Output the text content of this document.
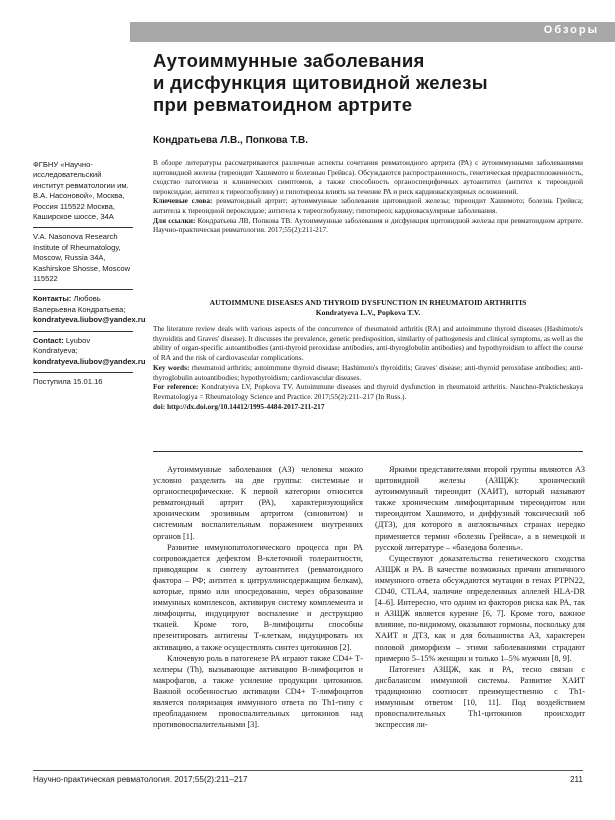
Обзоры
Аутоиммунные заболевания
и дисфункция щитовидной железы
при ревматоидном артрите

Кондратьева Л.В., Попкова Т.В.

ФГБНУ «Научно-исследовательский институт ревматологии им. В.А. Насоновой», Москва, Россия 115522 Москва, Каширское шоссе, 34А

V.A. Nasonova Research Institute of Rheumatology, Moscow, Russia 34A, Kashirskoe Shosse, Moscow 115522

Контакты: Любовь Валерьевна Кондратьева; kondratyeva.liubov@yandex.ru

Contact: Lyubov Kondratyeva; kondratyeva.liubov@yandex.ru

Поступила 15.01.16

В обзоре литературы рассматриваются различные аспекты сочетания ревматоидного артрита (РА) с аутоиммунными заболеваниями щитовидной железы (тиреоидит Хашимото и болезнью Грейвса). Обсуждаются распространенность, генетическая предрасположенность, сходство патогенеза и клинических симптомов, а также способность органоспецифичных аутоантител (антител к тиреоидной пероксидазе, антител к тиреоглобулину) и гипотиреоза влиять на течение РА и риск кардиоваскулярных осложнений.

Ключевые слова: ревматоидный артрит; аутоиммунные заболевания щитовидной железы; тиреоидит Хашимото; болезнь Грейвса; антитела к тиреоидной пероксидазе; антитела к тиреоглобулину; гипотиреоз; кардиоваскулярные заболевания.

Для ссылки: Кондратьева ЛВ, Попкова ТВ. Аутоиммунные заболевания и дисфункция щитовидной железы при ревматоидном артрите. Научно-практическая ревматология. 2017;55(2):211-217.

AUTOIMMUNE DISEASES AND THYROID DYSFUNCTION IN RHEUMATOID ARTHRITIS
Kondratyeva L.V., Popkova T.V.

The literature review deals with various aspects of the concurrence of rheumatoid arthritis (RA) and autoimmune thyroid diseases (Hashimoto's thyroiditis and Graves' disease). It discusses the prevalence, genetic predisposition, similarity of pathogenesis and clinical symptoms, as well as the ability of organ-specific autoantibodies (anti-thyroid peroxidase antibodies, anti-thyroglobulin antibodies) and hypothyroidism to affect the course of RA and the risk of cardiovascular complications.

Key words: rheumatoid arthritis; autoimmune thyroid disease; Hashimoto's thyroiditis; Graves' disease; anti-thyroid peroxidase antibodies; anti-thyroglobulin autoantibodies; hypothyroidism; cardiovascular diseases.

For reference: Kondratyeva LV, Popkova TV. Autoimmune diseases and thyroid dysfunction in rheumatoid arthritis. Nauchno-Prakticheskaya Revmatologiya = Rheumatology Science and Practice. 2017;55(2):211–217 (In Russ.).

doi: http://dx.doi.org/10.14412/1995-4484-2017-211-217

Аутоиммунные заболевания (АЗ) человека можно условно разделить на две группы: системные и органоспецифические. К первой категории относится ревматоидный артрит (РА), характеризующийся хроническим эрозивным артритом (синовитом) и системным воспалительным поражением внутренних органов [1].

Развитие иммунопатологического процесса при РА сопровождается дефектом В-клеточной толерантности, приводящим к синтезу аутоантител (ревматоидного фактора – РФ; антител к цитруллинсодержащим белкам), которые, прямо или опосредованно, через образование иммунных комплексов, активируя систему комплемента и лимфоциты, индуцируют воспаление и деструкцию тканей. Кроме того, В-лимфоциты способны презентировать антигены Т-клеткам, индуцировать их активацию, а также осуществлять синтез цитокинов [2].

Ключевую роль в патогенезе РА играют также CD4+ Т-хелперы (Th), вызывающие активацию В-лимфоцитов и макрофагов, а также усиление продукции цитокинов. Важной особенностью активации CD4+ Т-лимфоцитов является поляризация иммунного ответа по Th1-типу с преобладанием провоспалительных цитокинов над противовоспалительными [3].

Яркими представителями второй группы являются АЗ щитовидной железы (АЗЩЖ): хронический аутоиммунный тиреоидит (ХАИТ), который называют также хроническим лимфоцитарным тиреоидитом или тиреоидитом Хашимото, и диффузный токсический зоб (ДТЗ), для которого в англоязычных странах нередко применяется термин «болезнь Грейвса», а в немецкой и русской литературе – «базедова болезнь».

Существуют доказательства генетического сходства АЗЩЖ и РА. В качестве возможных причин атипичного иммунного ответа обсуждаются мутации в генах PTPN22, CD40, CTLA4, наличие определенных аллелей HLA-DR [4–6]. Интересно, что одним из факторов риска как РА, так и АЗЩЖ является курение [6, 7]. Кроме того, важное влияние, по-видимому, оказывают гормоны, поскольку для ХАИТ и ДТЗ, как и для большинства АЗ, характерен половой диморфизм – этими заболеваниями страдают примерно 5–15% женщин и только 1–5% мужчин [8, 9].

Патогенез АЗЩЖ, как и РА, тесно связан с дисбалансом иммунной системы. Развитие ХАИТ традиционно соотносят преимущественно с Th1-иммунным ответом [10, 11]. Под воздействием провоспалительных Th1-цитокинов происходит экспрессия ли-

Научно-практическая ревматология. 2017;55(2):211–217	211
